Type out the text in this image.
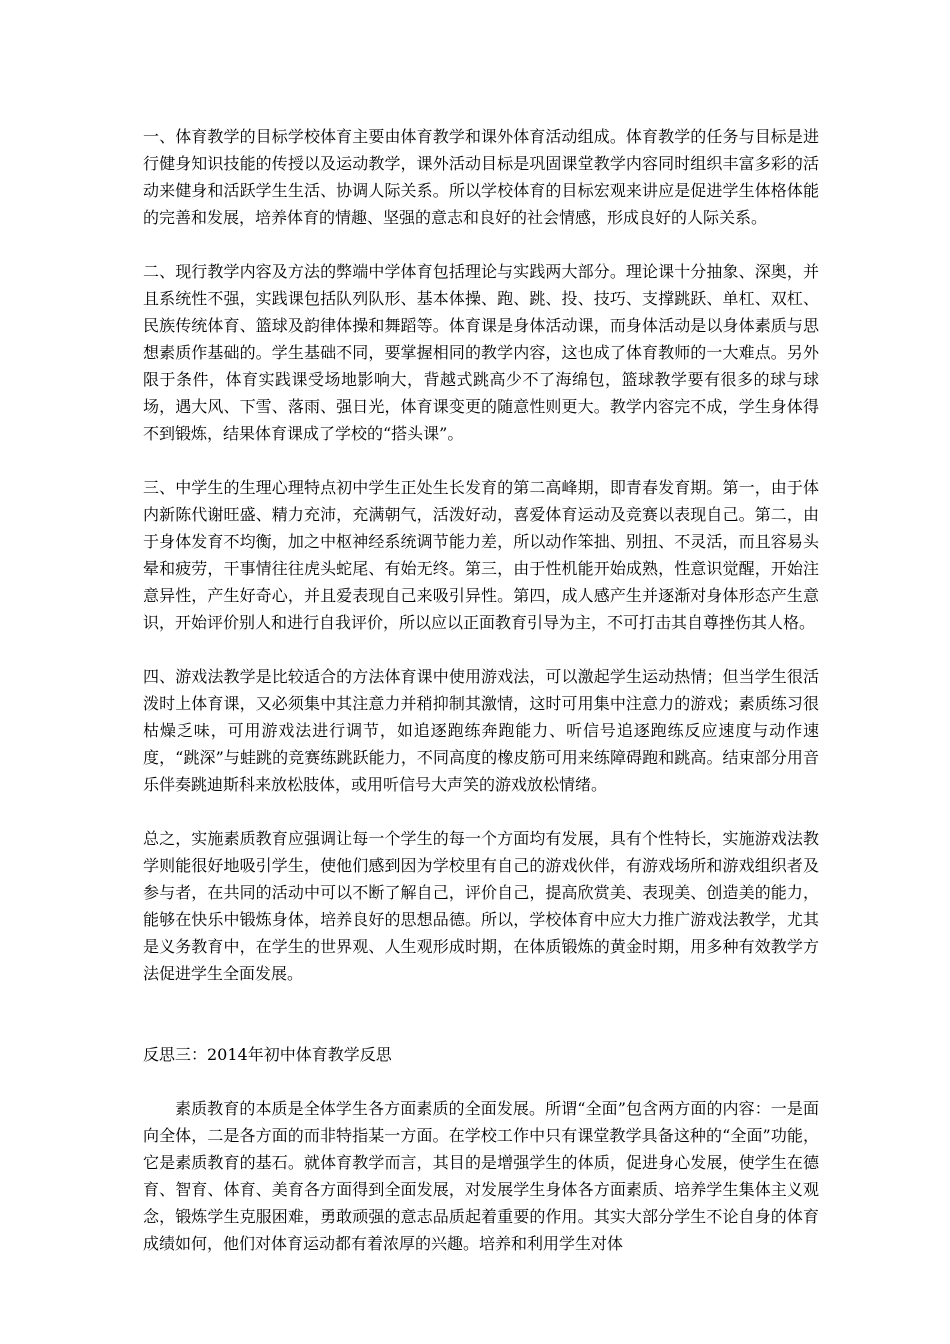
一、体育教学的目标学校体育主要由体育教学和课外体育活动组成。体育教学的任务与目标是进行健身知识技能的传授以及运动教学，课外活动目标是巩固课堂教学内容同时组织丰富多彩的活动来健身和活跃学生生活、协调人际关系。所以学校体育的目标宏观来讲应是促进学生体格体能的完善和发展，培养体育的情趣、坚强的意志和良好的社会情感，形成良好的人际关系。

二、现行教学内容及方法的弊端中学体育包括理论与实践两大部分。理论课十分抽象、深奥，并且系统性不强，实践课包括队列队形、基本体操、跑、跳、投、技巧、支撑跳跃、单杠、双杠、民族传统体育、篮球及韵律体操和舞蹈等。体育课是身体活动课，而身体活动是以身体素质与思想素质作基础的。学生基础不同，要掌握相同的教学内容，这也成了体育教师的一大难点。另外限于条件，体育实践课受场地影响大，背越式跳高少不了海绵包，篮球教学要有很多的球与球场，遇大风、下雪、落雨、强日光，体育课变更的随意性则更大。教学内容完不成，学生身体得不到锻炼，结果体育课成了学校的“搭头课”。

三、中学生的生理心理特点初中学生正处生长发育的第二高峰期，即青春发育期。第一，由于体内新陈代谢旺盛、精力充沛，充满朝气，活泼好动，喜爱体育运动及竞赛以表现自己。第二，由于身体发育不均衡，加之中枢神经系统调节能力差，所以动作笨拙、别扭、不灵活，而且容易头晕和疲劳，干事情往往虎头蛇尾、有始无终。第三，由于性机能开始成熟，性意识觉醒，开始注意异性，产生好奇心，并且爱表现自己来吸引异性。第四，成人感产生并逐渐对身体形态产生意识，开始评价别人和进行自我评价，所以应以正面教育引导为主，不可打击其自尊挫伤其人格。

四、游戏法教学是比较适合的方法体育课中使用游戏法，可以激起学生运动热情；但当学生很活泼时上体育课，又必须集中其注意力并稍抑制其激情，这时可用集中注意力的游戏；素质练习很枯燥乏味，可用游戏法进行调节，如追逐跑练奔跑能力、听信号追逐跑练反应速度与动作速度，“跳深”与蛙跳的竞赛练跳跃能力，不同高度的橡皮筋可用来练障碍跑和跳高。结束部分用音乐伴奏跳迪斯科来放松肢体，或用听信号大声笑的游戏放松情绪。

总之，实施素质教育应强调让每一个学生的每一个方面均有发展，具有个性特长，实施游戏法教学则能很好地吸引学生，使他们感到因为学校里有自己的游戏伙伴，有游戏场所和游戏组织者及参与者，在共同的活动中可以不断了解自己，评价自己，提高欣赏美、表现美、创造美的能力，能够在快乐中锻炼身体，培养良好的思想品德。所以，学校体育中应大力推广游戏法教学，尤其是义务教育中，在学生的世界观、人生观形成时期，在体质锻炼的黄金时期，用多种有效教学方法促进学生全面发展。

反思三：2014年初中体育教学反思

素质教育的本质是全体学生各方面素质的全面发展。所谓“全面”包含两方面的内容：一是面向全体，二是各方面的而非特指某一方面。在学校工作中只有课堂教学具备这种的“全面”功能，它是素质教育的基石。就体育教学而言，其目的是增强学生的体质，促进身心发展，使学生在德育、智育、体育、美育各方面得到全面发展，对发展学生身体各方面素质、培养学生集体主义观念，锻炼学生克服困难，勇敢顽强的意志品质起着重要的作用。其实大部分学生不论自身的体育成绩如何，他们对体育运动都有着浓厚的兴趣。培养和利用学生对体
